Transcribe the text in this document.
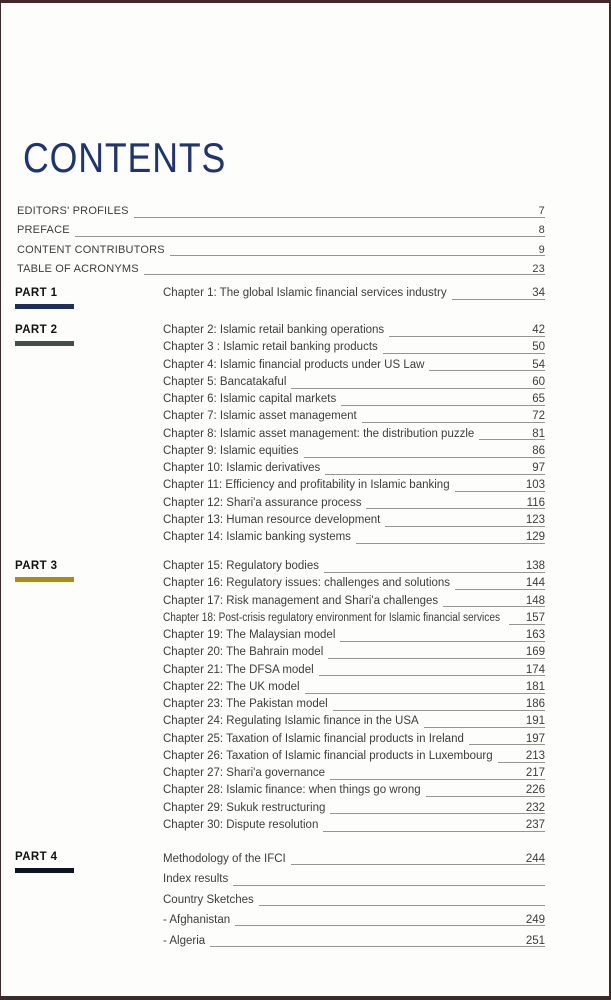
CONTENTS
EDITORS' PROFILES	7
PREFACE	8
CONTENT CONTRIBUTORS	9
TABLE OF ACRONYMS	23
PART 1	Chapter 1: The global Islamic financial services industry	34
PART 2	Chapter 2: Islamic retail banking operations	42
Chapter 3 : Islamic retail banking products	50
Chapter 4: Islamic financial products under US Law	54
Chapter 5: Bancatakaful	60
Chapter 6: Islamic capital markets	65
Chapter 7: Islamic asset management	72
Chapter 8: Islamic asset management: the distribution puzzle	81
Chapter 9: Islamic equities	86
Chapter 10: Islamic derivatives	97
Chapter 11: Efficiency and profitability in Islamic banking	103
Chapter 12: Shari'a assurance process	116
Chapter 13: Human resource development	123
Chapter 14: Islamic banking systems	129
PART 3	Chapter 15: Regulatory bodies	138
Chapter 16: Regulatory issues: challenges and solutions	144
Chapter 17: Risk management and Shari'a challenges	148
Chapter 18: Post-crisis regulatory environment for Islamic financial services	157
Chapter 19: The Malaysian model	163
Chapter 20: The Bahrain model	169
Chapter 21: The DFSA model	174
Chapter 22: The UK model	181
Chapter 23: The Pakistan model	186
Chapter 24: Regulating Islamic finance in the USA	191
Chapter 25: Taxation of Islamic financial products in Ireland	197
Chapter 26: Taxation of Islamic financial products in Luxembourg	213
Chapter 27: Shari'a governance	217
Chapter 28: Islamic finance: when things go wrong	226
Chapter 29: Sukuk restructuring	232
Chapter 30: Dispute resolution	237
PART 4	Methodology of the IFCI	244
Index results
Country Sketches
- Afghanistan	249
- Algeria	251
